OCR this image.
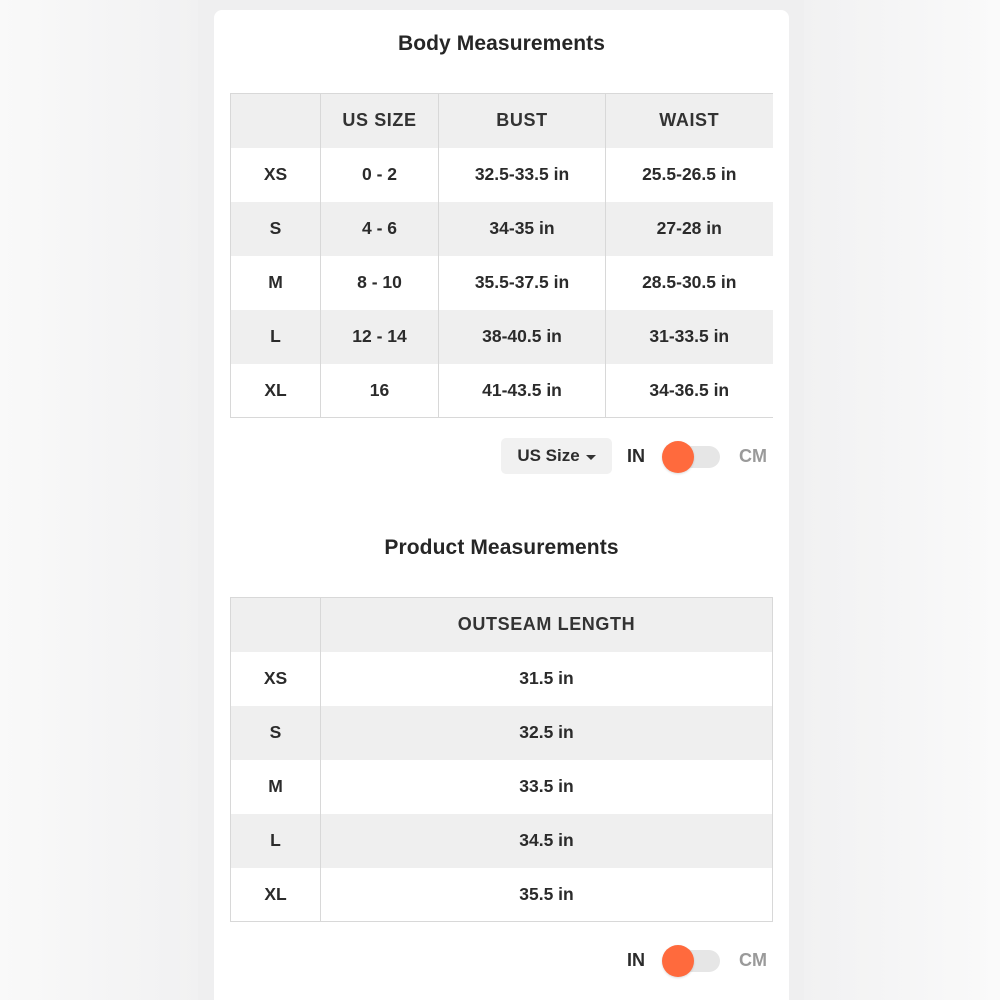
Body Measurements
	US SIZE	BUST	WAIST
XS	0 - 2	32.5-33.5 in	25.5-26.5 in
S	4 - 6	34-35 in	27-28 in
M	8 - 10	35.5-37.5 in	28.5-30.5 in
L	12 - 14	38-40.5 in	31-33.5 in
XL	16	41-43.5 in	34-36.5 in
US Size	IN	CM
Product Measurements
	OUTSEAM LENGTH
XS	31.5 in
S	32.5 in
M	33.5 in
L	34.5 in
XL	35.5 in
IN	CM
